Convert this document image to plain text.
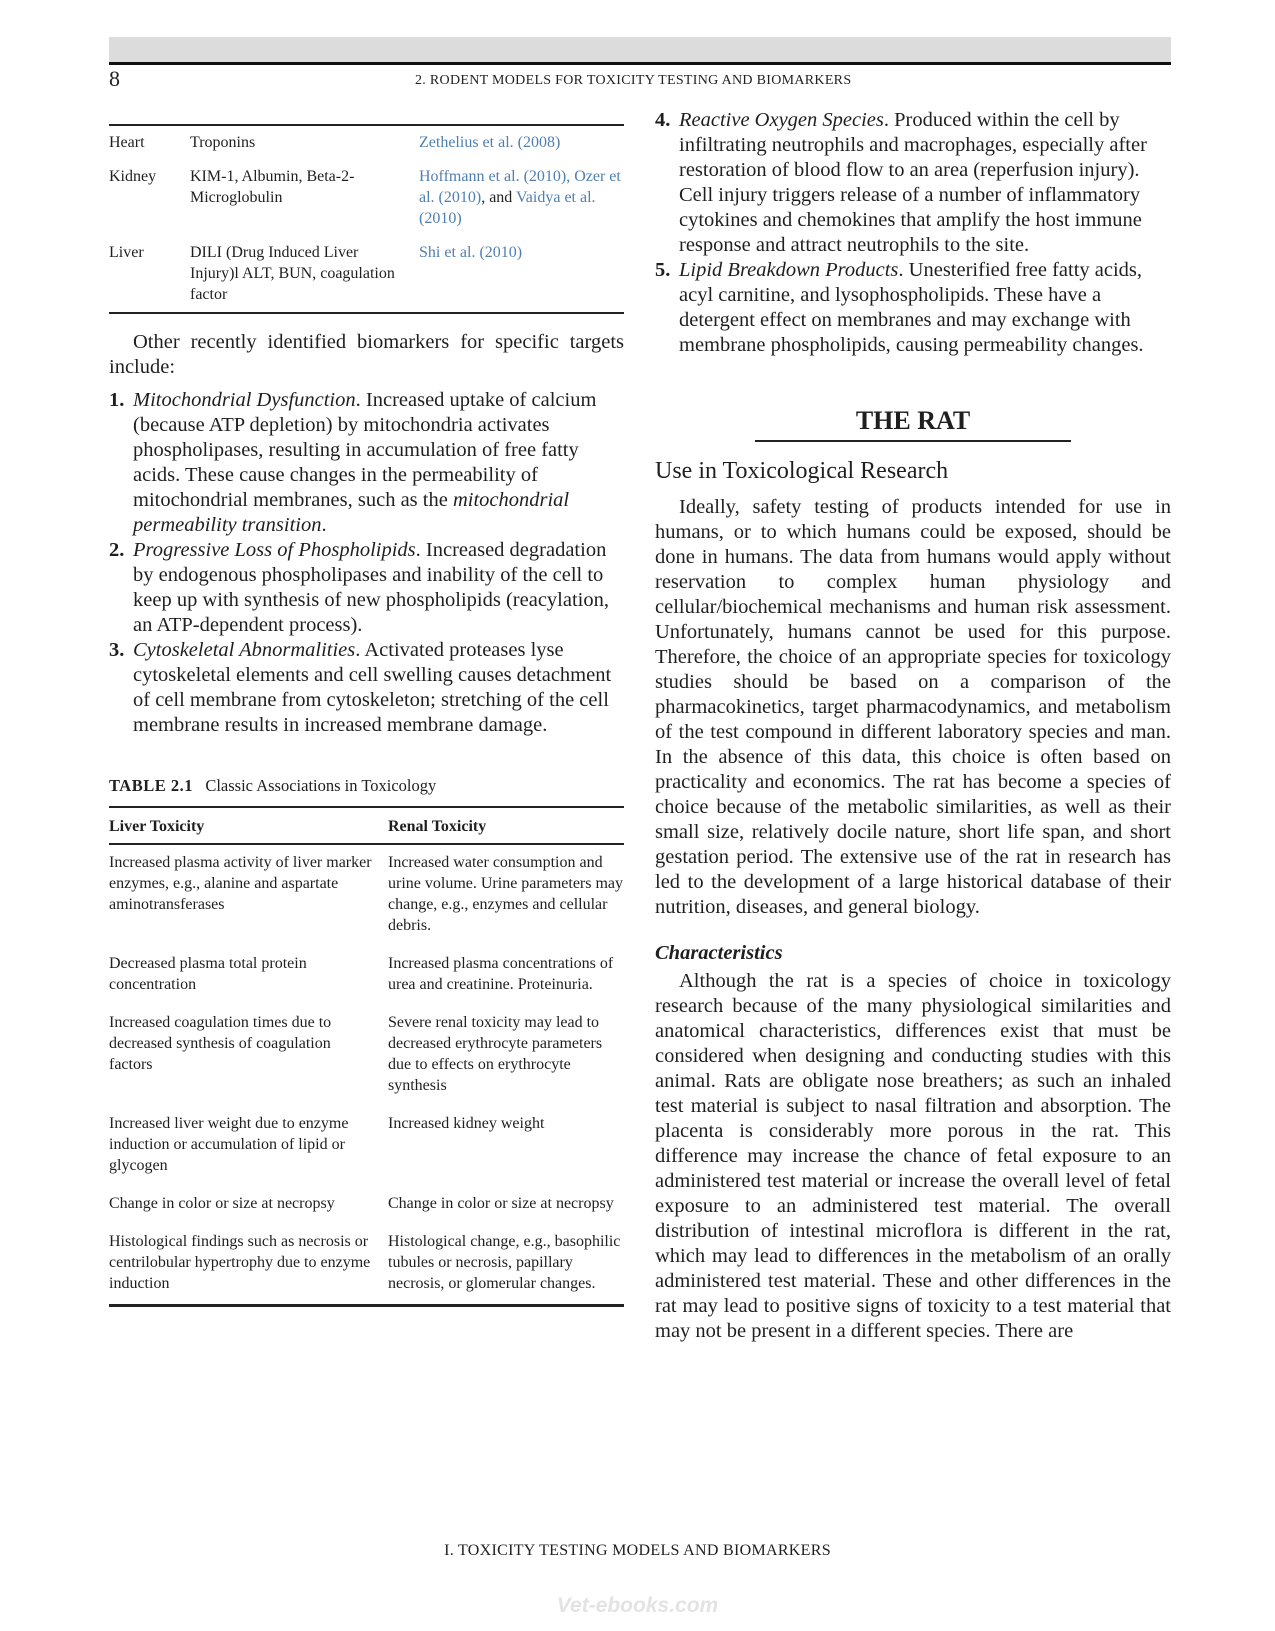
8	2. RODENT MODELS FOR TOXICITY TESTING AND BIOMARKERS
Heart	Troponins	Zethelius et al. (2008)
Kidney	KIM-1, Albumin, Beta-2-Microglobulin	Hoffmann et al. (2010), Ozer et al. (2010), and Vaidya et al. (2010)
Liver	DILI (Drug Induced Liver Injury)l ALT, BUN, coagulation factor	Shi et al. (2010)

Other recently identified biomarkers for specific targets include:

1. Mitochondrial Dysfunction. Increased uptake of calcium (because ATP depletion) by mitochondria activates phospholipases, resulting in accumulation of free fatty acids. These cause changes in the permeability of mitochondrial membranes, such as the mitochondrial permeability transition.
2. Progressive Loss of Phospholipids. Increased degradation by endogenous phospholipases and inability of the cell to keep up with synthesis of new phospholipids (reacylation, an ATP-dependent process).
3. Cytoskeletal Abnormalities. Activated proteases lyse cytoskeletal elements and cell swelling causes detachment of cell membrane from cytoskeleton; stretching of the cell membrane results in increased membrane damage.
TABLE 2.1 Classic Associations in Toxicology
Liver Toxicity	Renal Toxicity
Increased plasma activity of liver marker enzymes, e.g., alanine and aspartate aminotransferases	Increased water consumption and urine volume. Urine parameters may change, e.g., enzymes and cellular debris.
Decreased plasma total protein concentration	Increased plasma concentrations of urea and creatinine. Proteinuria.
Increased coagulation times due to decreased synthesis of coagulation factors	Severe renal toxicity may lead to decreased erythrocyte parameters due to effects on erythrocyte synthesis
Increased liver weight due to enzyme induction or accumulation of lipid or glycogen	Increased kidney weight
Change in color or size at necropsy	Change in color or size at necropsy
Histological findings such as necrosis or centrilobular hypertrophy due to enzyme induction	Histological change, e.g., basophilic tubules or necrosis, papillary necrosis, or glomerular changes.
4. Reactive Oxygen Species. Produced within the cell by infiltrating neutrophils and macrophages, especially after restoration of blood flow to an area (reperfusion injury). Cell injury triggers release of a number of inflammatory cytokines and chemokines that amplify the host immune response and attract neutrophils to the site.
5. Lipid Breakdown Products. Unesterified free fatty acids, acyl carnitine, and lysophospholipids. These have a detergent effect on membranes and may exchange with membrane phospholipids, causing permeability changes.
THE RAT
Use in Toxicological Research

Ideally, safety testing of products intended for use in humans, or to which humans could be exposed, should be done in humans. The data from humans would apply without reservation to complex human physiology and cellular/biochemical mechanisms and human risk assessment. Unfortunately, humans cannot be used for this purpose. Therefore, the choice of an appropriate species for toxicology studies should be based on a comparison of the pharmacokinetics, target pharmacodynamics, and metabolism of the test compound in different laboratory species and man. In the absence of this data, this choice is often based on practicality and economics. The rat has become a species of choice because of the metabolic similarities, as well as their small size, relatively docile nature, short life span, and short gestation period. The extensive use of the rat in research has led to the development of a large historical database of their nutrition, diseases, and general biology.

Characteristics

Although the rat is a species of choice in toxicology research because of the many physiological similarities and anatomical characteristics, differences exist that must be considered when designing and conducting studies with this animal. Rats are obligate nose breathers; as such an inhaled test material is subject to nasal filtration and absorption. The placenta is considerably more porous in the rat. This difference may increase the chance of fetal exposure to an administered test material or increase the overall level of fetal exposure to an administered test material. The overall distribution of intestinal microflora is different in the rat, which may lead to differences in the metabolism of an orally administered test material. These and other differences in the rat may lead to positive signs of toxicity to a test material that may not be present in a different species. There are

I. TOXICITY TESTING MODELS AND BIOMARKERS
Vet-ebooks.com
